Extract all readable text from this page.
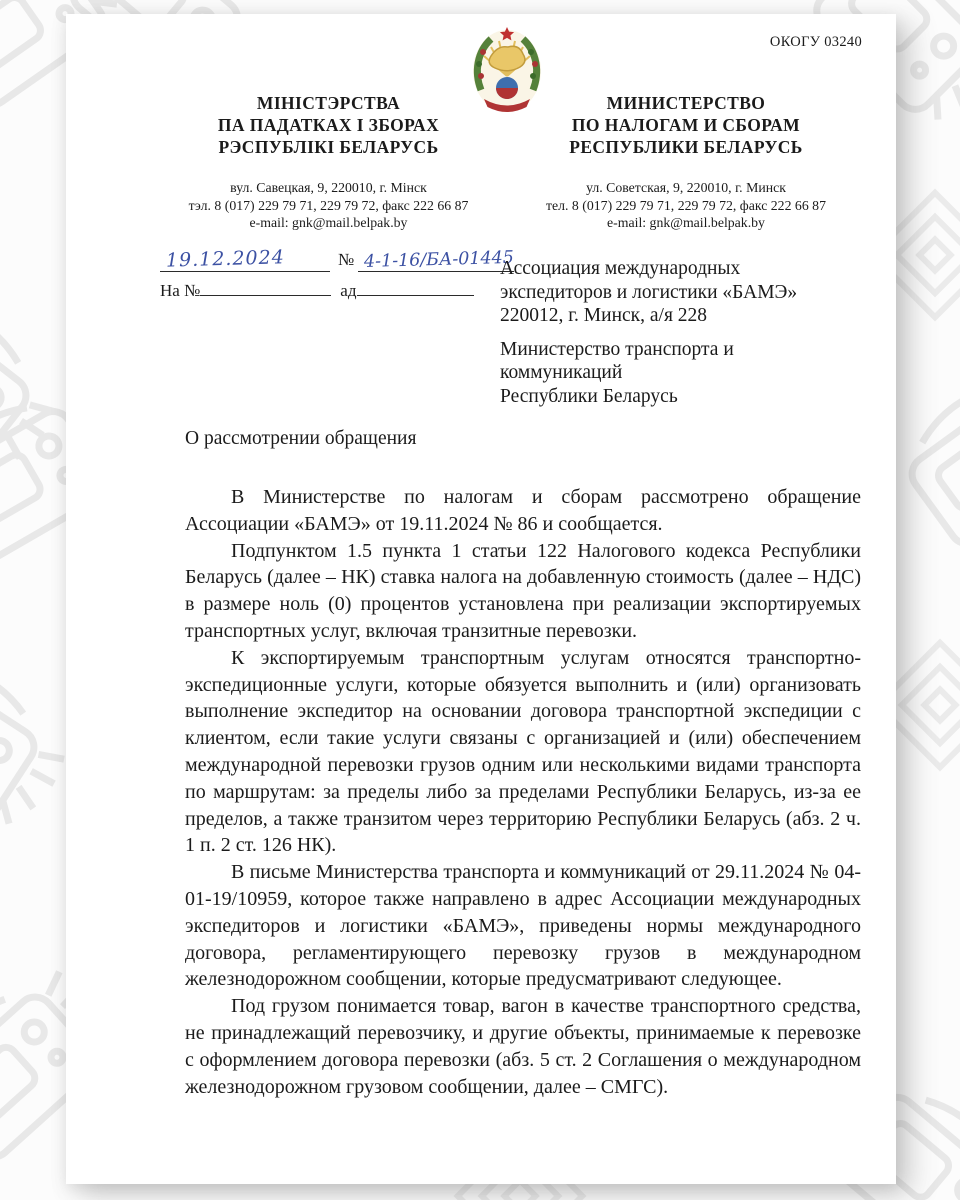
ОКОГУ 03240
МІНІСТЭРСТВА
ПА ПАДАТКАХ І ЗБОРАХ
РЭСПУБЛІКІ БЕЛАРУСЬ
вул. Савецкая, 9, 220010, г. Мінск
тэл. 8 (017) 229 79 71, 229 79 72, факс 222 66 87
e-mail: gnk@mail.belpak.by
МИНИСТЕРСТВО
ПО НАЛОГАМ И СБОРАМ
РЕСПУБЛИКИ БЕЛАРУСЬ
ул. Советская, 9, 220010, г. Минск
тел. 8 (017) 229 79 71, 229 79 72, факс 222 66 87
e-mail: gnk@mail.belpak.by
19.12.2024	№ 4-1-16/БА-01445
На №	ад
Ассоциация международных
экспедиторов и логистики «БАМЭ»
220012, г. Минск, а/я 228
Министерство транспорта и
коммуникаций
Республики Беларусь
О рассмотрении обращения

В Министерстве по налогам и сборам рассмотрено обращение Ассоциации «БАМЭ» от 19.11.2024 № 86 и сообщается.

Подпунктом 1.5 пункта 1 статьи 122 Налогового кодекса Республики Беларусь (далее – НК) ставка налога на добавленную стоимость (далее – НДС) в размере ноль (0) процентов установлена при реализации экспортируемых транспортных услуг, включая транзитные перевозки.

К экспортируемым транспортным услугам относятся транспортно-экспедиционные услуги, которые обязуется выполнить и (или) организовать выполнение экспедитор на основании договора транспортной экспедиции с клиентом, если такие услуги связаны с организацией и (или) обеспечением международной перевозки грузов одним или несколькими видами транспорта по маршрутам: за пределы либо за пределами Республики Беларусь, из-за ее пределов, а также транзитом через территорию Республики Беларусь (абз. 2 ч. 1 п. 2 ст. 126 НК).

В письме Министерства транспорта и коммуникаций от 29.11.2024 № 04-01-19/10959, которое также направлено в адрес Ассоциации международных экспедиторов и логистики «БАМЭ», приведены нормы международного договора, регламентирующего перевозку грузов в международном железнодорожном сообщении, которые предусматривают следующее.

Под грузом понимается товар, вагон в качестве транспортного средства, не принадлежащий перевозчику, и другие объекты, принимаемые к перевозке с оформлением договора перевозки (абз. 5 ст. 2 Соглашения о международном железнодорожном грузовом сообщении, далее – СМГС).
